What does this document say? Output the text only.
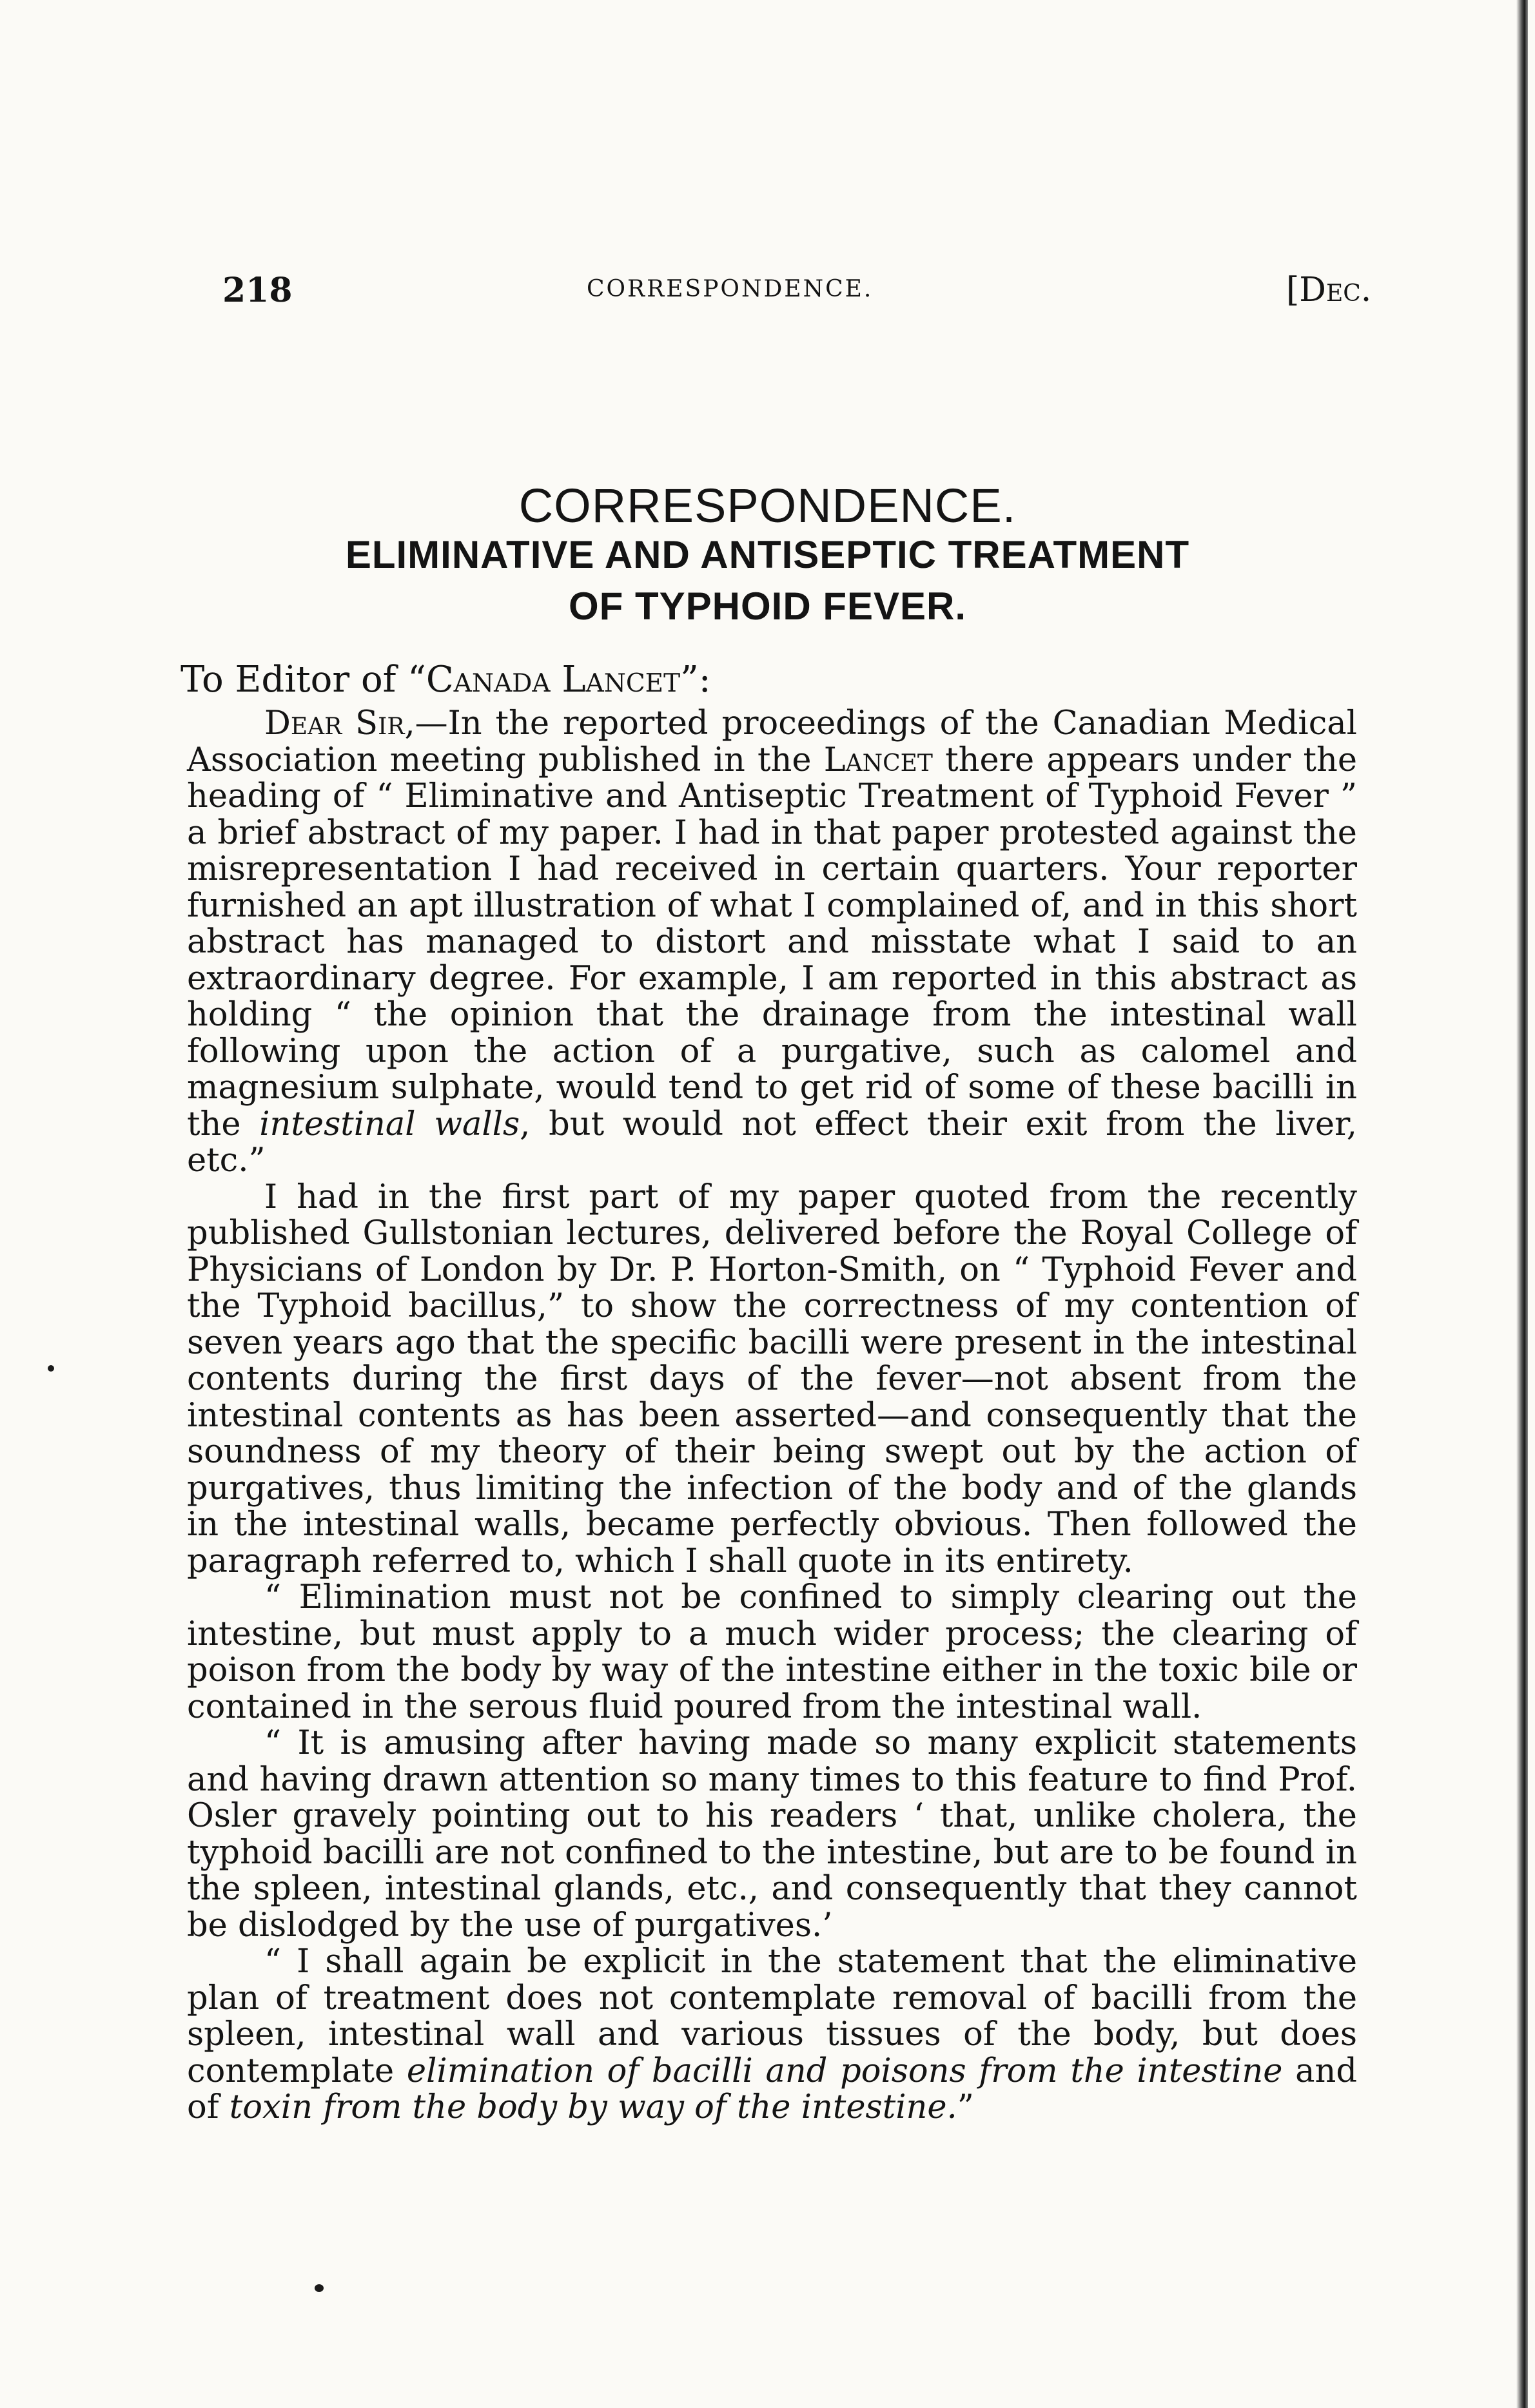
218	CORRESPONDENCE.	[Dec.
CORRESPONDENCE.
ELIMINATIVE AND ANTISEPTIC TREATMENT
OF TYPHOID FEVER.
To Editor of “Canada Lancet”:

Dear Sir,—In the reported proceedings of the Canadian Medical Association meeting published in the Lancet there appears under the heading of “ Eliminative and Antiseptic Treatment of Typhoid Fever ” a brief abstract of my paper. I had in that paper protested against the misrepresentation I had received in certain quarters. Your reporter furnished an apt illustration of what I complained of, and in this short abstract has managed to distort and misstate what I said to an extraordinary degree. For example, I am reported in this abstract as holding “ the opinion that the drainage from the intestinal wall following upon the action of a purgative, such as calomel and magnesium sulphate, would tend to get rid of some of these bacilli in the intestinal walls, but would not effect their exit from the liver, etc.”

I had in the first part of my paper quoted from the recently published Gullstonian lectures, delivered before the Royal College of Physicians of London by Dr. P. Horton-Smith, on “ Typhoid Fever and the Typhoid bacillus,” to show the correctness of my contention of seven years ago that the specific bacilli were present in the intestinal contents during the first days of the fever—not absent from the intestinal contents as has been asserted—and consequently that the soundness of my theory of their being swept out by the action of purgatives, thus limiting the infection of the body and of the glands in the intestinal walls, became perfectly obvious. Then followed the paragraph referred to, which I shall quote in its entirety.

“ Elimination must not be confined to simply clearing out the intestine, but must apply to a much wider process; the clearing of poison from the body by way of the intestine either in the toxic bile or contained in the serous fluid poured from the intestinal wall.

“ It is amusing after having made so many explicit statements and having drawn attention so many times to this feature to find Prof. Osler gravely pointing out to his readers ‘ that, unlike cholera, the typhoid bacilli are not confined to the intestine, but are to be found in the spleen, intestinal glands, etc., and consequently that they cannot be dislodged by the use of purgatives.’

“ I shall again be explicit in the statement that the eliminative plan of treatment does not contemplate removal of bacilli from the spleen, intestinal wall and various tissues of the body, but does contemplate elimination of bacilli and poisons from the intestine and of toxin from the body by way of the intestine.”
